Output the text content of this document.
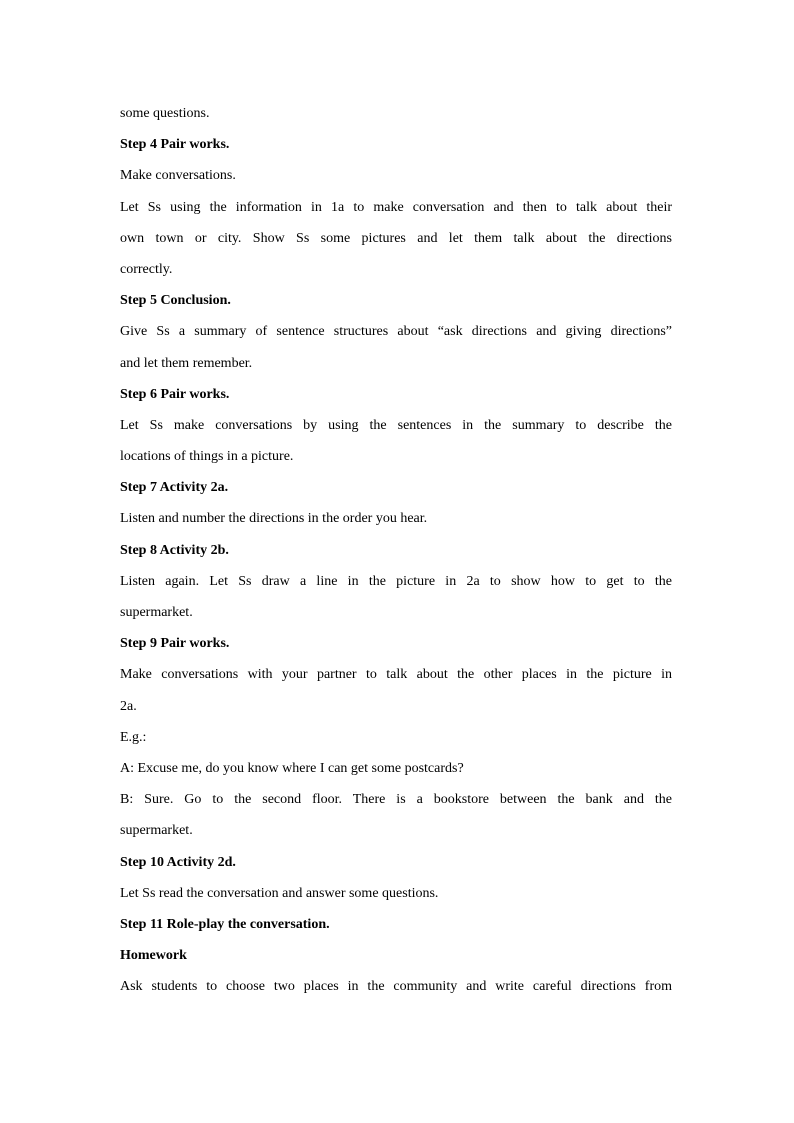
some questions.
Step 4 Pair works.
Make conversations.
Let Ss using the information in 1a to make conversation and then to talk about their
own town or city. Show Ss some pictures and let them talk about the directions
correctly.
Step 5 Conclusion.
Give Ss a summary of sentence structures about “ask directions and giving directions”
and let them remember.
Step 6 Pair works.
Let Ss make conversations by using the sentences in the summary to describe the
locations of things in a picture.
Step 7 Activity 2a.
Listen and number the directions in the order you hear.
Step 8 Activity 2b.
Listen again. Let Ss draw a line in the picture in 2a to show how to get to the
supermarket.
Step 9 Pair works.
Make conversations with your partner to talk about the other places in the picture in
2a.
E.g.:
A: Excuse me, do you know where I can get some postcards?
B: Sure. Go to the second floor. There is a bookstore between the bank and the
supermarket.
Step 10 Activity 2d.
Let Ss read the conversation and answer some questions.
Step 11 Role-play the conversation.
Homework
Ask students to choose two places in the community and write careful directions from
